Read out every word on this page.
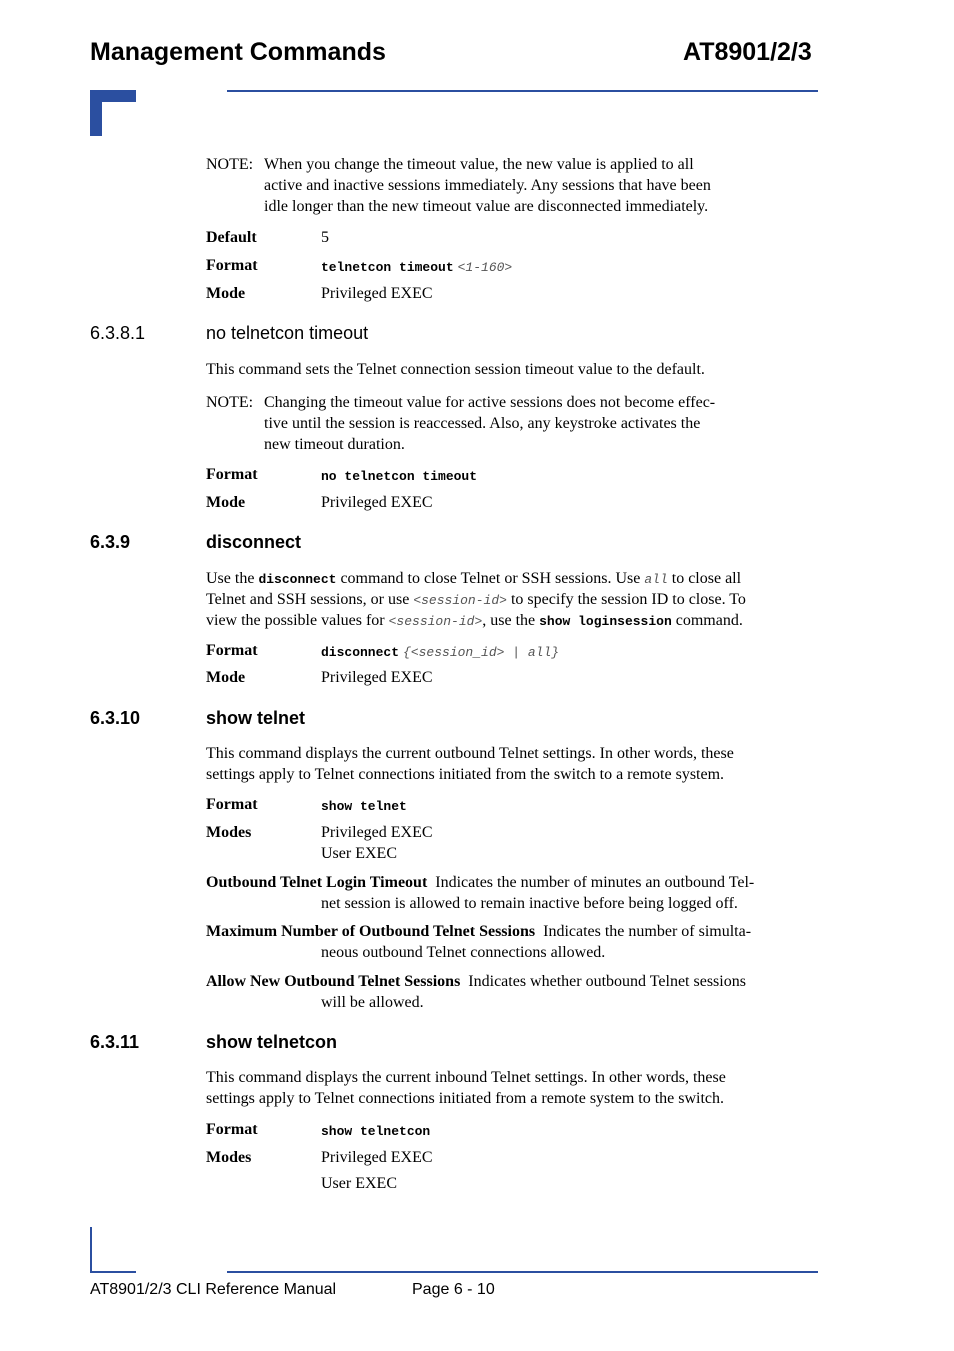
Management Commands	AT8901/2/3
NOTE: When you change the timeout value, the new value is applied to all
active and inactive sessions immediately. Any sessions that have been
idle longer than the new timeout value are disconnected immediately.
Default	5
Format	telnetcon timeout <1-160>
Mode	Privileged EXEC
6.3.8.1	no telnetcon timeout
This command sets the Telnet connection session timeout value to the default.
NOTE: Changing the timeout value for active sessions does not become effec-
tive until the session is reaccessed. Also, any keystroke activates the
new timeout duration.
Format	no telnetcon timeout
Mode	Privileged EXEC
6.3.9	disconnect
Use the disconnect command to close Telnet or SSH sessions. Use all to close all
Telnet and SSH sessions, or use <session-id> to specify the session ID to close. To
view the possible values for <session-id>, use the show loginsession command.
Format	disconnect {<session_id> | all}
Mode	Privileged EXEC
6.3.10	show telnet
This command displays the current outbound Telnet settings. In other words, these
settings apply to Telnet connections initiated from the switch to a remote system.
Format	show telnet
Modes	Privileged EXEC
User EXEC
Outbound Telnet Login Timeout Indicates the number of minutes an outbound Tel-
net session is allowed to remain inactive before being logged off.
Maximum Number of Outbound Telnet Sessions Indicates the number of simulta-
neous outbound Telnet connections allowed.
Allow New Outbound Telnet Sessions Indicates whether outbound Telnet sessions
will be allowed.
6.3.11	show telnetcon
This command displays the current inbound Telnet settings. In other words, these
settings apply to Telnet connections initiated from a remote system to the switch.
Format	show telnetcon
Modes	Privileged EXEC
User EXEC
AT8901/2/3 CLI Reference Manual	Page 6 - 10
